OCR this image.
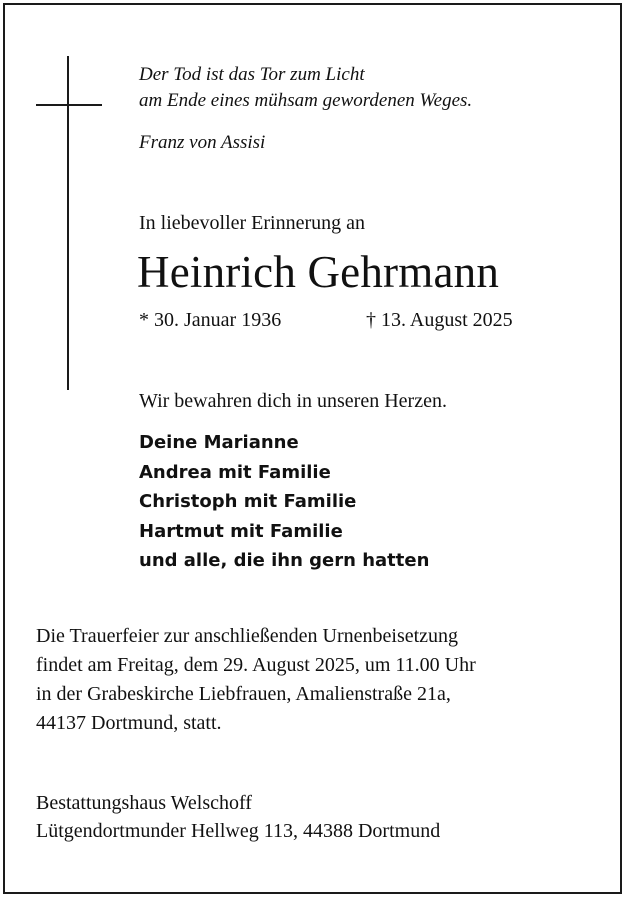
Der Tod ist das Tor zum Licht
am Ende eines mühsam gewordenen Weges.
Franz von Assisi
In liebevoller Erinnerung an
Heinrich Gehrmann
* 30. Januar 1936	† 13. August 2025
Wir bewahren dich in unseren Herzen.
Deine Marianne
Andrea mit Familie
Christoph mit Familie
Hartmut mit Familie
und alle, die ihn gern hatten
Die Trauerfeier zur anschließenden Urnenbeisetzung
findet am Freitag, dem 29. August 2025, um 11.00 Uhr
in der Grabeskirche Liebfrauen, Amalienstraße 21a,
44137 Dortmund, statt.
Bestattungshaus Welschoff
Lütgendortmunder Hellweg 113, 44388 Dortmund
